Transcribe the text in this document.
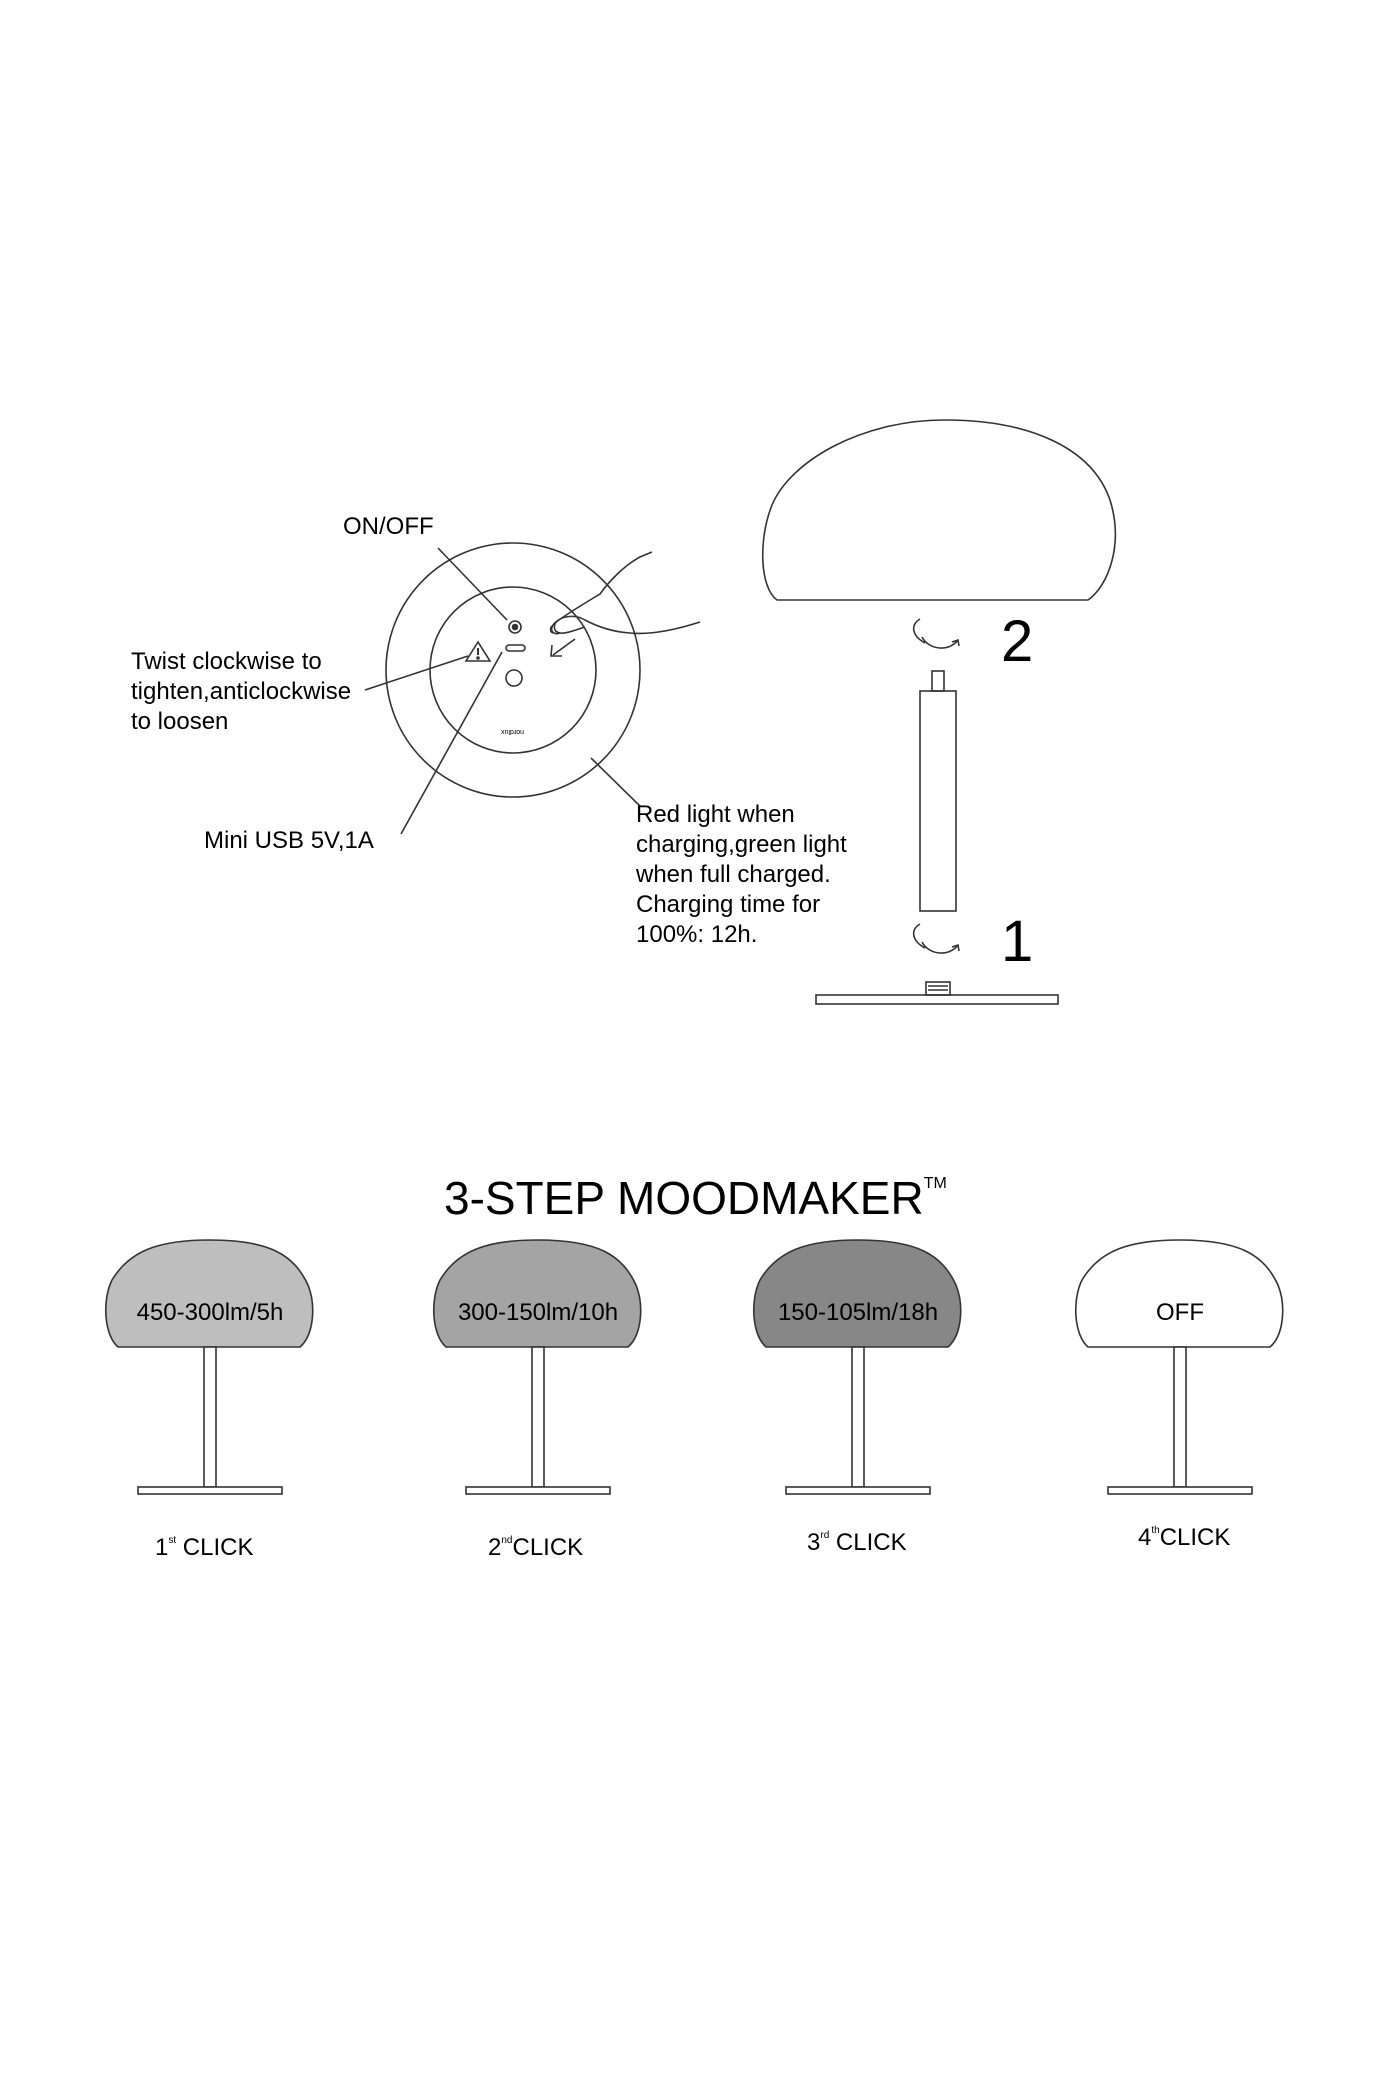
ON/OFF
Twist clockwise to
tighten,anticlockwise
to loosen
Mini USB 5V,1A
Red light when
charging,green light
when full charged.
Charging time for
100%: 12h.
2
1
nordlux
3-STEP MOODMAKER™
450-300lm/5h	300-150lm/10h	150-105lm/18h	OFF
1st CLICK	2ndCLICK	3rd CLICK	4thCLICK
